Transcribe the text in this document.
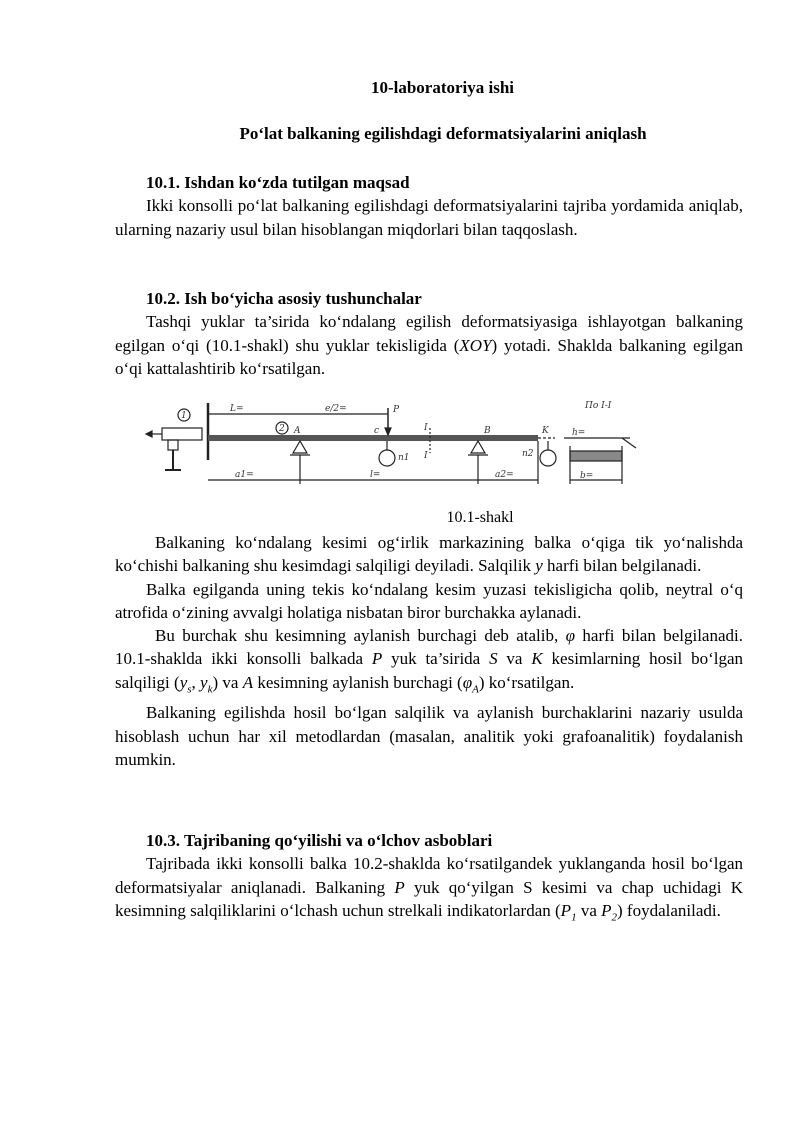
10-laboratoriya ishi
Poʻlat balkaning egilishdagi deformatsiyalarini aniqlash
10.1. Ishdan koʻzda tutilgan maqsad
Ikki konsolli poʻlat balkaning egilishdagi deformatsiyalarini tajriba yordamida aniqlab, ularning nazariy usul bilan hisoblangan miqdorlari bilan taqqoslash.
10.2. Ish boʻyicha asosiy tushunchalar
Tashqi yuklar ta’sirida koʻndalang egilish deformatsiyasiga ishlayotgan balkaning egilgan oʻqi (10.1-shakl) shu yuklar tekisligida (XOY) yotadi. Shaklda balkaning egilgan oʻqi kattalashtirib koʻrsatilgan.
1
2
L=	e/2=	P
c	I
I
B	K
A
n1	n2
a1=	l=	a2=
По I-I
h=
b=
10.1-shakl
Balkaning koʻndalang kesimi ogʻirlik markazining balka oʻqiga tik yoʻnalishda koʻchishi balkaning shu kesimdagi salqiligi deyiladi. Salqilik y harfi bilan belgilanadi.
Balka egilganda uning tekis koʻndalang kesim yuzasi tekisligicha qolib, neytral oʻq atrofida oʻzining avvalgi holatiga nisbatan biror burchakka aylanadi.
Bu burchak shu kesimning aylanish burchagi deb atalib, φ harfi bilan belgilanadi. 10.1-shaklda ikki konsolli balkada P yuk ta’sirida S va K kesimlarning hosil boʻlgan salqiligi ($y_s$, $y_k$) va A kesimning aylanish burchagi $(\varphi_A)$ koʻrsatilgan.
Balkaning egilishda hosil boʻlgan salqilik va aylanish burchaklarini nazariy usulda hisoblash uchun har xil metodlardan (masalan, analitik yoki grafoanalitik) foydalanish mumkin.
10.3. Tajribaning qoʻyilishi va oʻlchov asboblari
Tajribada ikki konsolli balka 10.2-shaklda koʻrsatilgandek yuklanganda hosil boʻlgan deformatsiyalar aniqlanadi. Balkaning P yuk qoʻyilgan S kesimi va chap uchidagi K kesimning salqiliklarini oʻlchash uchun strelkali indikatorlardan ($P_1$ va $P_2$) foydalaniladi.
